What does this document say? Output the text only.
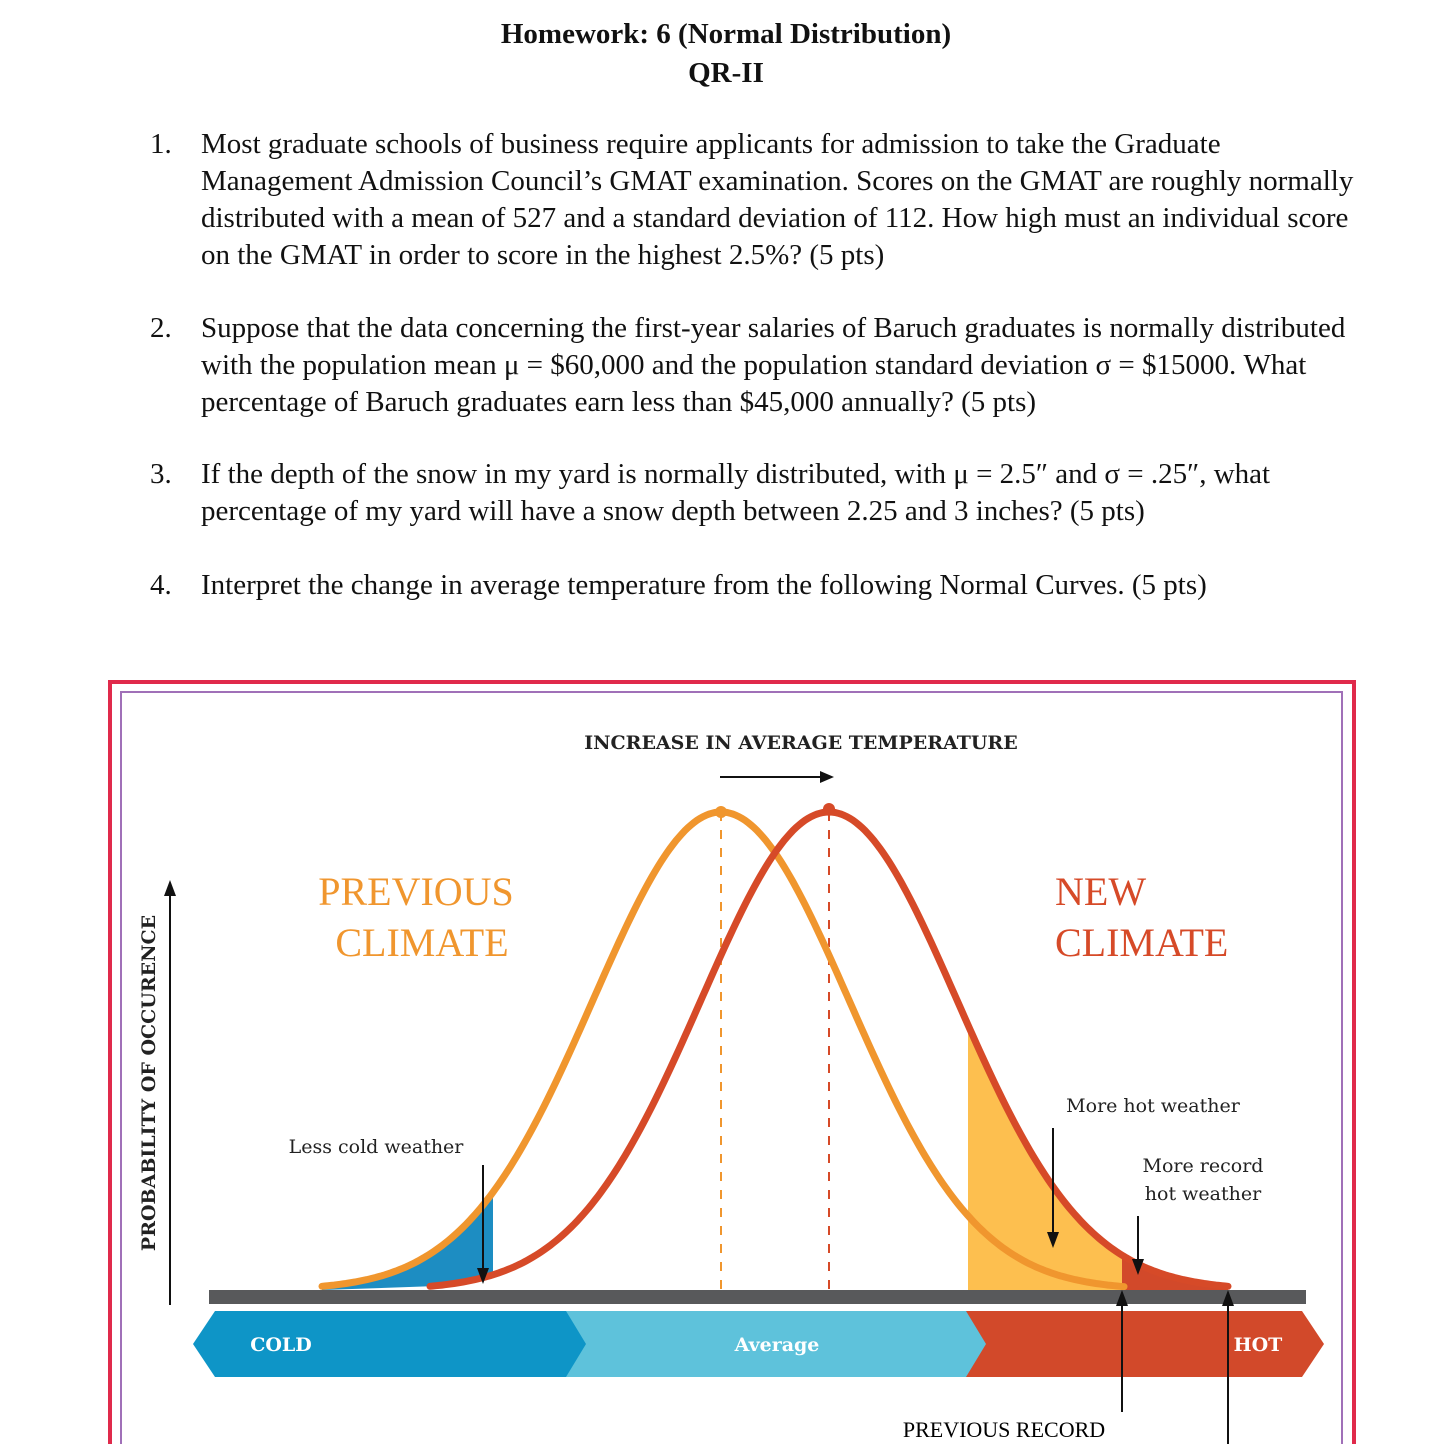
Homework: 6 (Normal Distribution)
QR-II
1. Most graduate schools of business require applicants for admission to take the Graduate Management Admission Council’s GMAT examination. Scores on the GMAT are roughly normally distributed with a mean of 527 and a standard deviation of 112. How high must an individual score on the GMAT in order to score in the highest 2.5%? (5 pts)
2. Suppose that the data concerning the first-year salaries of Baruch graduates is normally distributed with the population mean μ = $60,000 and the population standard deviation σ = $15000. What percentage of Baruch graduates earn less than $45,000 annually? (5 pts)
3. If the depth of the snow in my yard is normally distributed, with μ = 2.5″ and σ = .25″, what percentage of my yard will have a snow depth between 2.25 and 3 inches? (5 pts)
4. Interpret the change in average temperature from the following Normal Curves. (5 pts)
INCREASE IN AVERAGE TEMPERATURE
PROBABILITY OF OCCURENCE
COLD	Average	HOT
PREVIOUS
CLIMATE
NEW
CLIMATE
Less cold weather
More hot weather
More record
hot weather
PREVIOUS RECORD
